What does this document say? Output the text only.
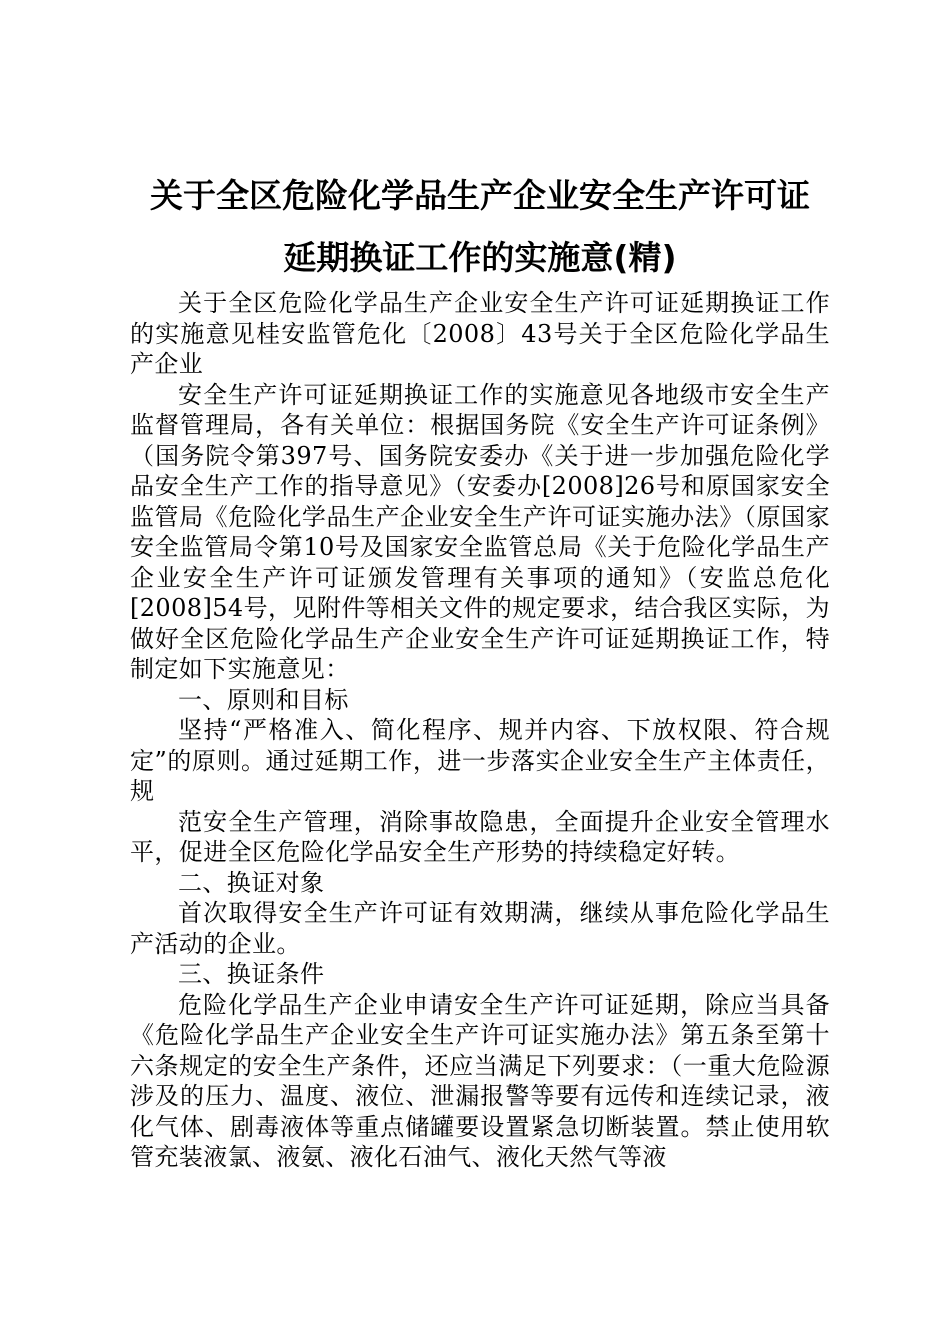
关于全区危险化学品生产企业安全生产许可证
延期换证工作的实施意(精)

关于全区危险化学品生产企业安全生产许可证延期换证工作的实施意见桂安监管危化〔2008〕43号关于全区危险化学品生产企业

安全生产许可证延期换证工作的实施意见各地级市安全生产监督管理局，各有关单位：根据国务院《安全生产许可证条例》（国务院令第397号、国务院安委办《关于进一步加强危险化学品安全生产工作的指导意见》（安委办[2008]26号和原国家安全监管局《危险化学品生产企业安全生产许可证实施办法》（原国家安全监管局令第10号及国家安全监管总局《关于危险化学品生产企业安全生产许可证颁发管理有关事项的通知》（安监总危化[2008]54号，见附件等相关文件的规定要求，结合我区实际，为做好全区危险化学品生产企业安全生产许可证延期换证工作，特制定如下实施意见：

一、原则和目标

坚持“严格准入、简化程序、规并内容、下放权限、符合规定”的原则。通过延期工作，进一步落实企业安全生产主体责任，规

范安全生产管理，消除事故隐患，全面提升企业安全管理水平，促进全区危险化学品安全生产形势的持续稳定好转。

二、换证对象

首次取得安全生产许可证有效期满，继续从事危险化学品生产活动的企业。

三、换证条件

危险化学品生产企业申请安全生产许可证延期，除应当具备《危险化学品生产企业安全生产许可证实施办法》第五条至第十六条规定的安全生产条件，还应当满足下列要求：（一重大危险源涉及的压力、温度、液位、泄漏报警等要有远传和连续记录，液化气体、剧毒液体等重点储罐要设置紧急切断装置。禁止使用软管充装液氯、液氨、液化石油气、液化天然气等液
